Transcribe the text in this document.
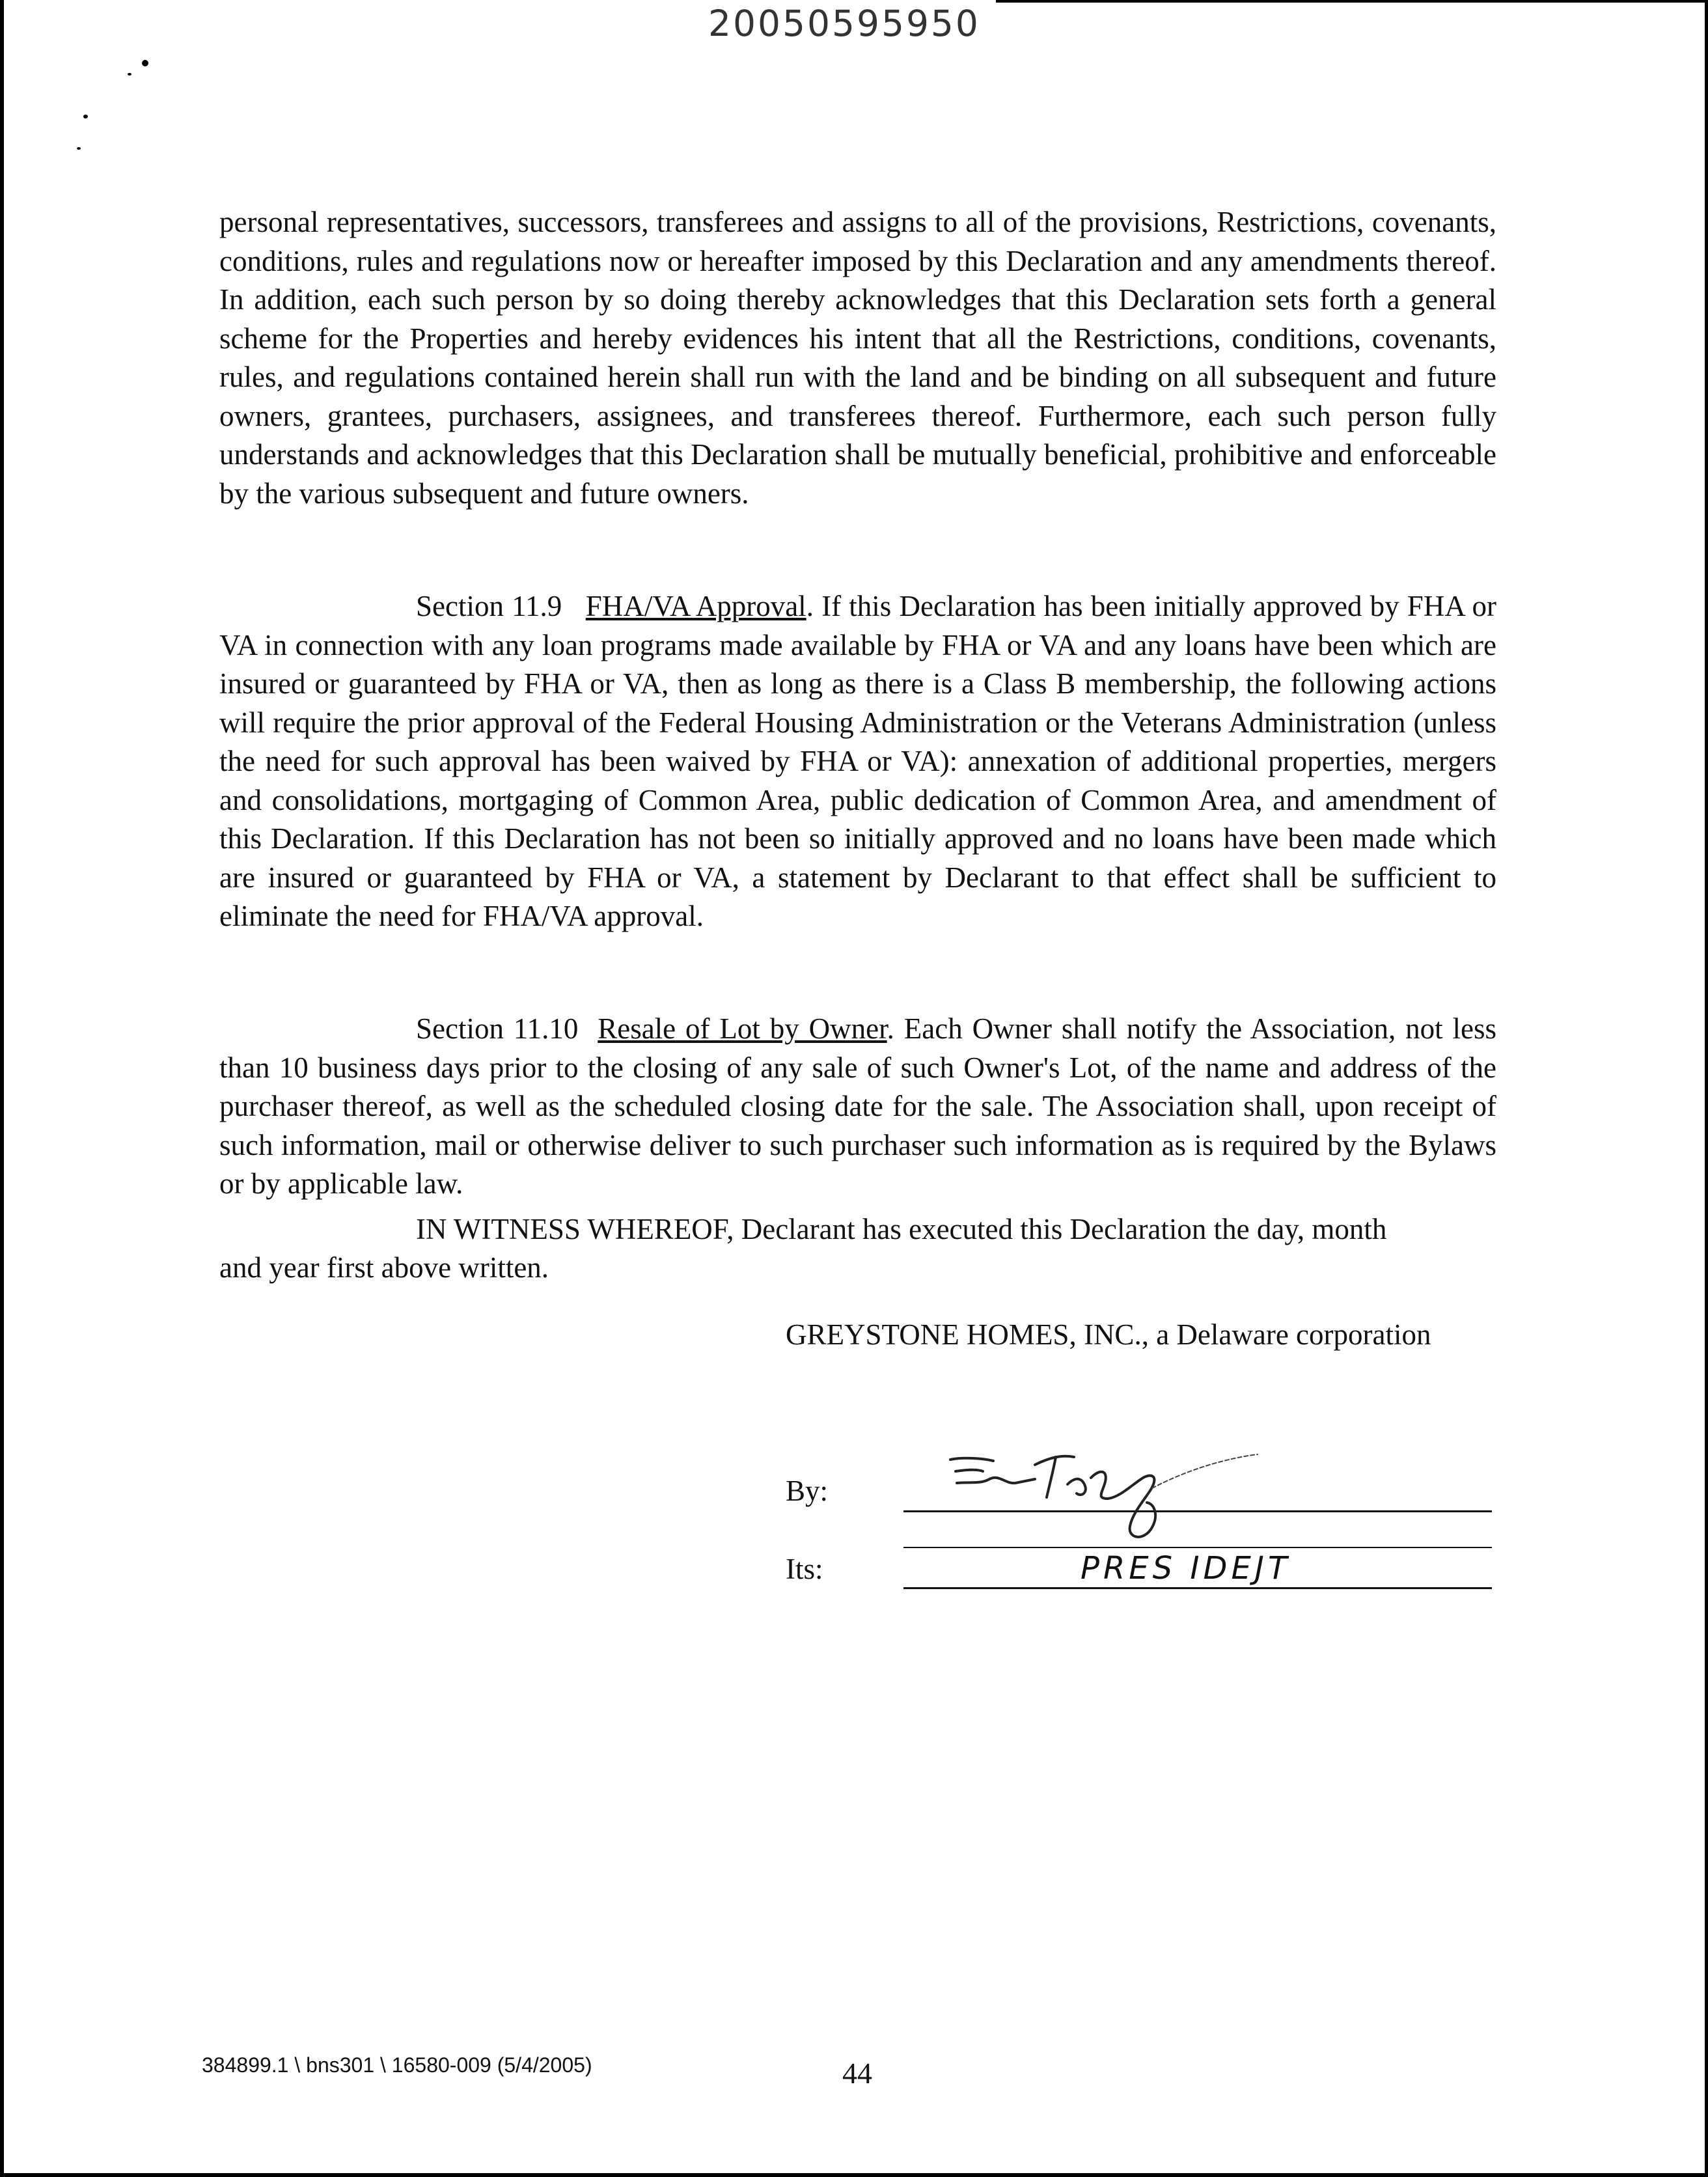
20050595950

personal representatives, successors, transferees and assigns to all of the provisions, Restrictions, covenants, conditions, rules and regulations now or hereafter imposed by this Declaration and any amendments thereof. In addition, each such person by so doing thereby acknowledges that this Declaration sets forth a general scheme for the Properties and hereby evidences his intent that all the Restrictions, conditions, covenants, rules, and regulations contained herein shall run with the land and be binding on all subsequent and future owners, grantees, purchasers, assignees, and transferees thereof. Furthermore, each such person fully understands and acknowledges that this Declaration shall be mutually beneficial, prohibitive and enforceable by the various subsequent and future owners.

Section 11.9 FHA/VA Approval. If this Declaration has been initially approved by FHA or VA in connection with any loan programs made available by FHA or VA and any loans have been which are insured or guaranteed by FHA or VA, then as long as there is a Class B membership, the following actions will require the prior approval of the Federal Housing Administration or the Veterans Administration (unless the need for such approval has been waived by FHA or VA): annexation of additional properties, mergers and consolidations, mortgaging of Common Area, public dedication of Common Area, and amendment of this Declaration. If this Declaration has not been so initially approved and no loans have been made which are insured or guaranteed by FHA or VA, a statement by Declarant to that effect shall be sufficient to eliminate the need for FHA/VA approval.

Section 11.10 Resale of Lot by Owner. Each Owner shall notify the Association, not less than 10 business days prior to the closing of any sale of such Owner's Lot, of the name and address of the purchaser thereof, as well as the scheduled closing date for the sale. The Association shall, upon receipt of such information, mail or otherwise deliver to such purchaser such information as is required by the Bylaws or by applicable law.

IN WITNESS WHEREOF, Declarant has executed this Declaration the day, month
and year first above written.
GREYSTONE HOMES, INC., a Delaware corporation
By:
Its:	PRES IDEJT
384899.1 \ bns301 \ 16580-009 (5/4/2005)	44
